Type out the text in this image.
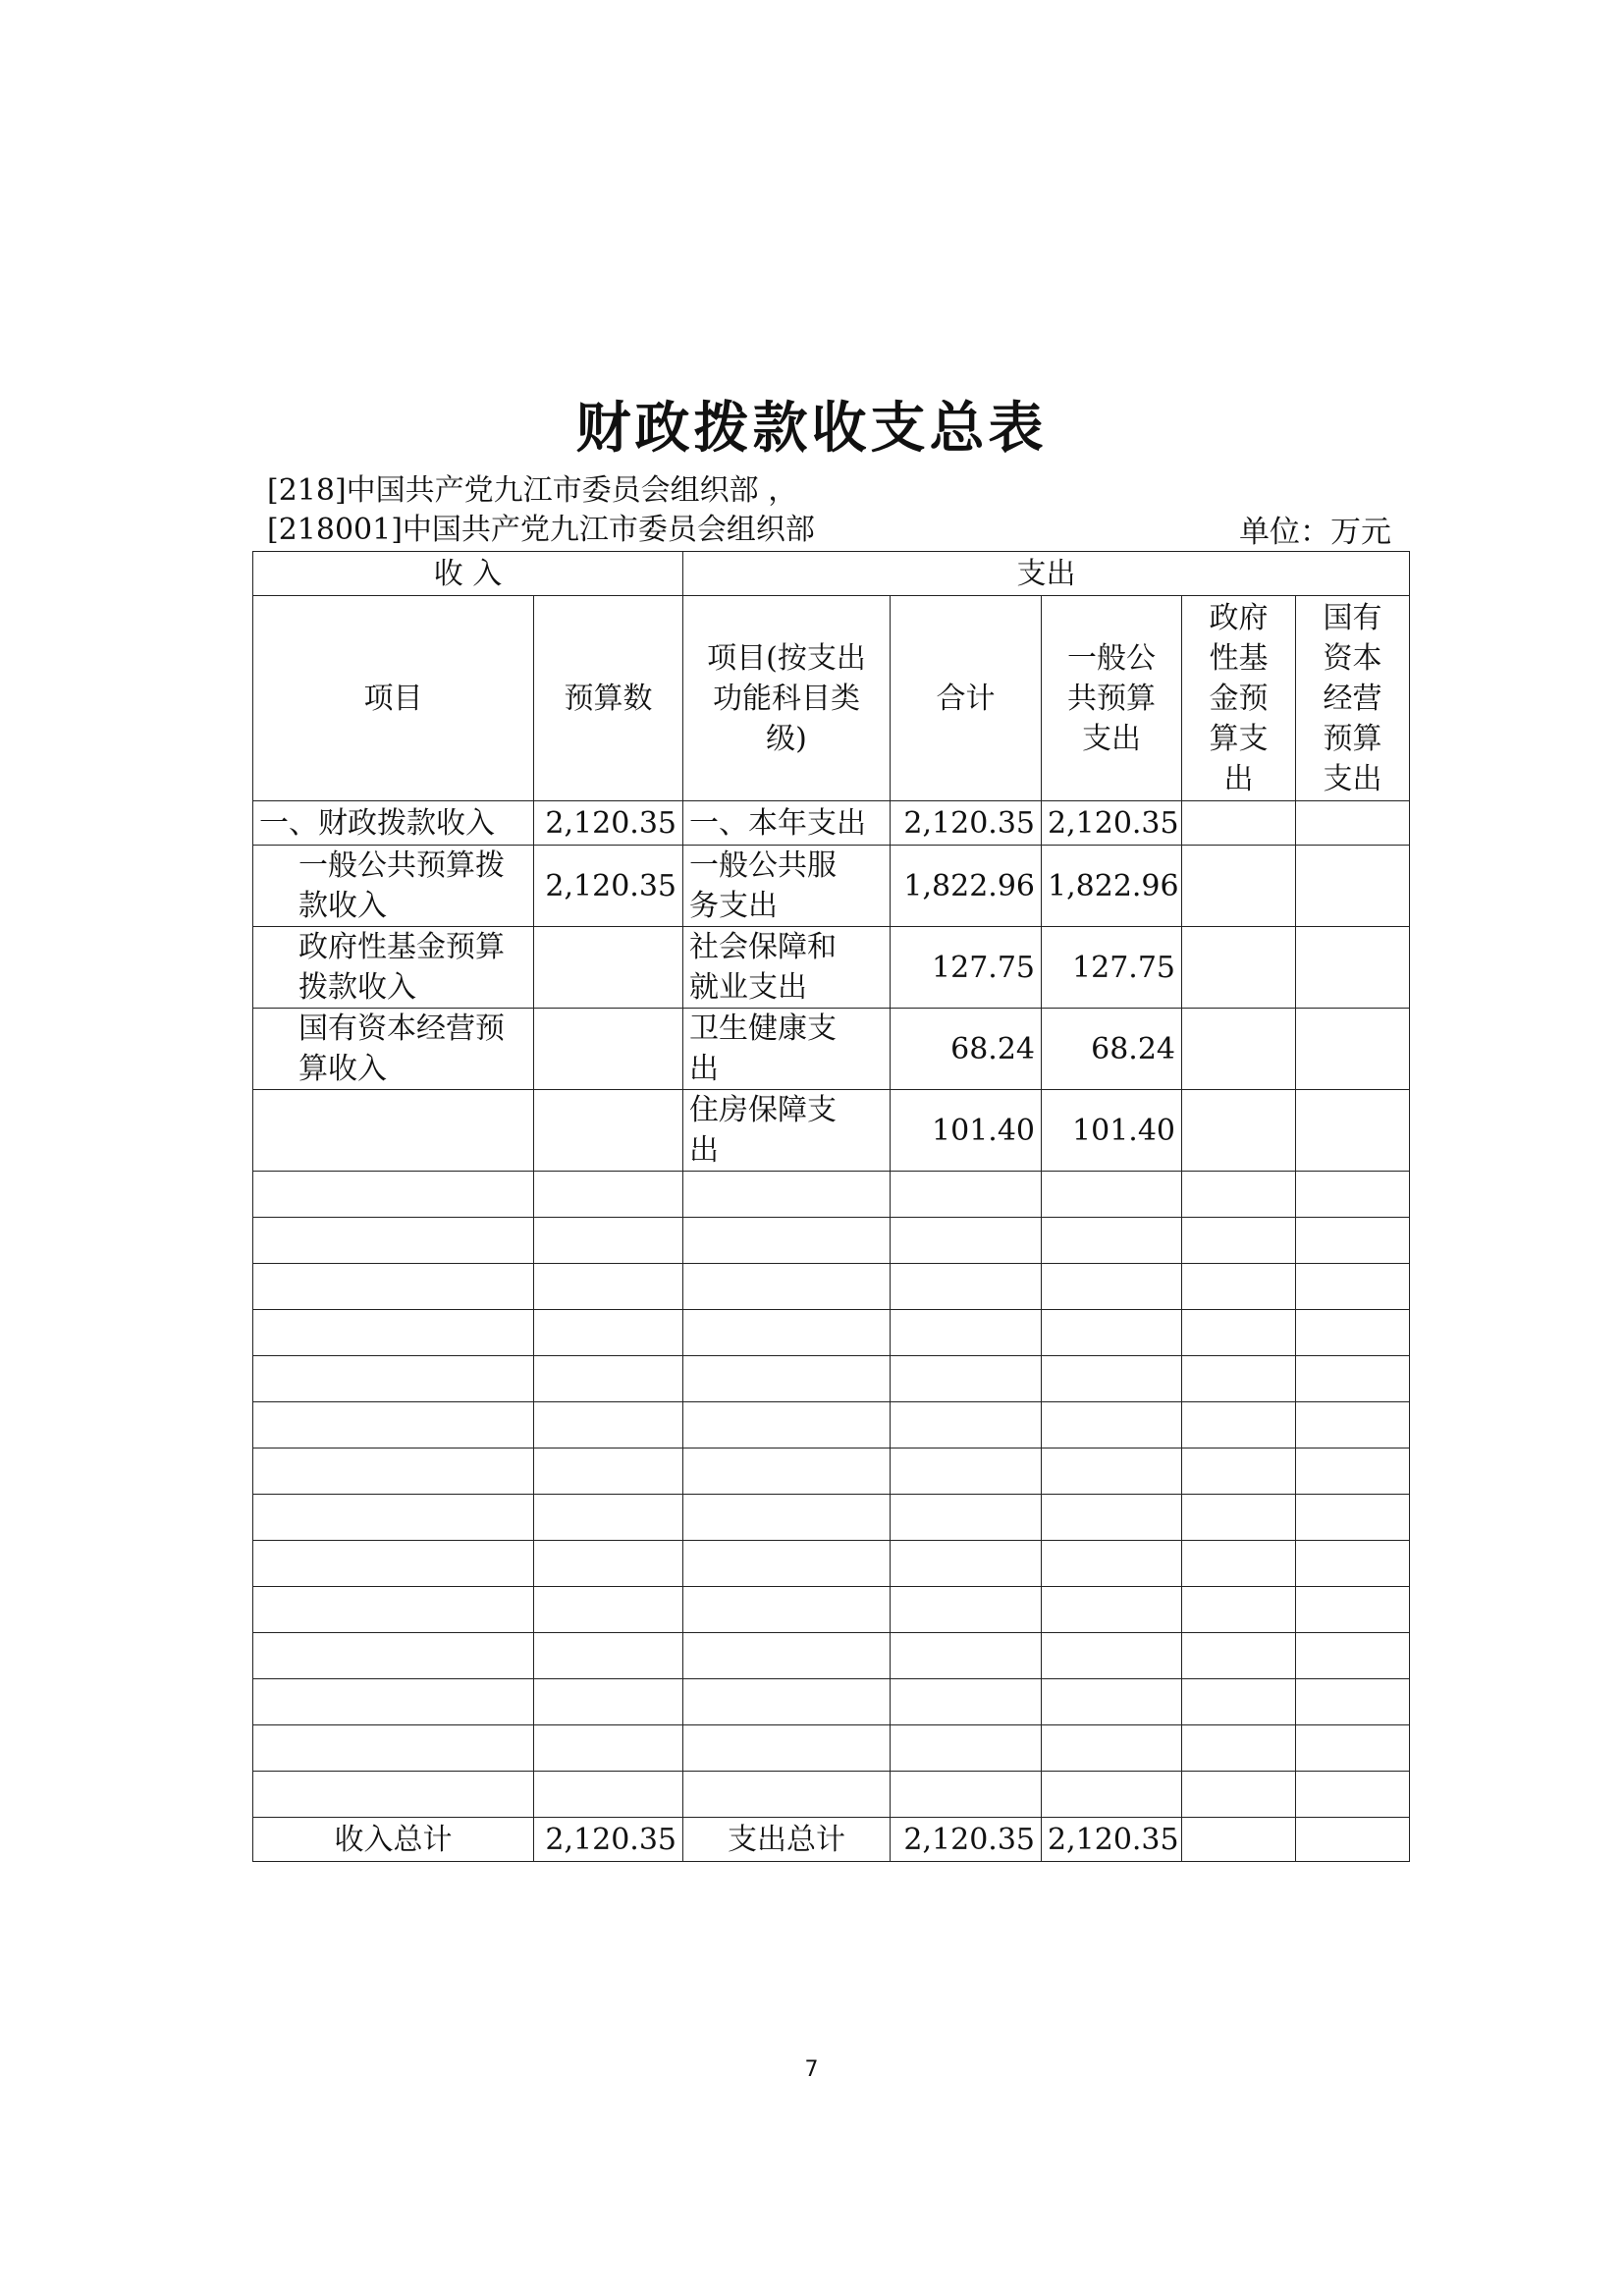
财政拨款收支总表
[218]中国共产党九江市委员会组织部 ，
[218001]中国共产党九江市委员会组织部	单位：万元
收 入		支出				
项目	预算数	项目(按支出功能科目类级)	合计	一般公共预算支出	政府性基金预算支出	国有资本经营预算支出
一、财政拨款收入	2,120.35	一、本年支出	2,120.35	2,120.35		
一般公共预算拨款收入	2,120.35	一般公共服务支出	1,822.96	1,822.96		
政府性基金预算拨款收入		社会保障和就业支出	127.75	127.75		
国有资本经营预算收入		卫生健康支出	68.24	68.24		
		住房保障支出	101.40	101.40		

收入总计	2,120.35	支出总计	2,120.35	2,120.35		
7
